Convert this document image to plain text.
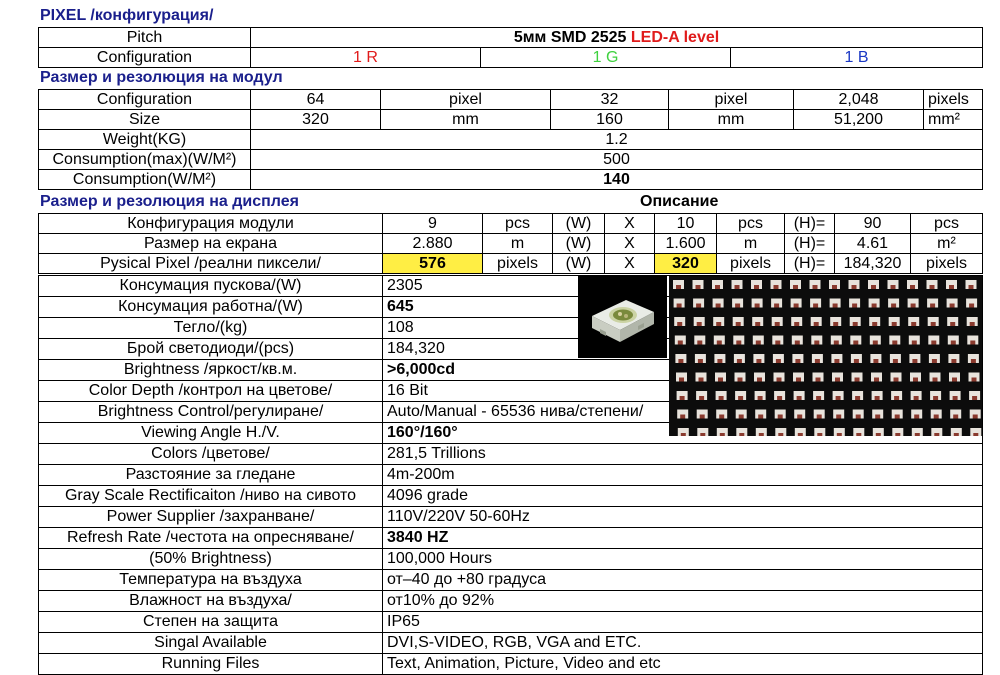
PIXEL /конфигурация/
Pitch	5мм SMD 2525 LED-A level		
Configuration	1 R	1 G	1 B
Размер и резолюция на модул
Configuration	64	pixel	32	pixel	2,048	pixels
Size	320	mm	160	mm	51,200	mm²
Weight(KG)	1.2					
Consumption(max)(W/M²)	500					
Consumption(W/M²)	140					
Размер и резолюция на дисплея	Описание
Конфигурация модули	9	pcs	(W)	X	10	pcs	(H)=	90	pcs
Размер на екрана	2.880	m	(W)	X	1.600	m	(H)=	4.61	m²
Pysical Pixel /реални пиксели/	576	pixels	(W)	X	320	pixels	(H)=	184,320	pixels
Консумация пускова/(W)	2305
Консумация работна/(W)	645
Тегло/(kg)	108
Брой светодиоди/(pcs)	184,320
Brightness /яркост/кв.м.	>6,000cd
Color Depth /контрол на цветове/	16 Bit
Brightness Control/регулиране/	Auto/Manual - 65536 нива/степени/
Viewing Angle H./V.	160°/160°
Colors /цветове/	281,5 Trillions
Разстояние за гледане	4m-200m
Gray Scale Rectificaiton /ниво на сивото	4096 grade
Power Supplier /захранване/	110V/220V 50-60Hz
Refresh Rate /честота на опресняване/	3840 HZ
(50% Brightness)	100,000 Hours
Температура на въздуха	от–40 до +80 градуса
Влажност на въздуха/	от10% до 92%
Степен на защита	IP65
Singal Available	DVI,S-VIDEO, RGB, VGA and ETC.
Running Files	Text, Animation, Picture, Video and etc
